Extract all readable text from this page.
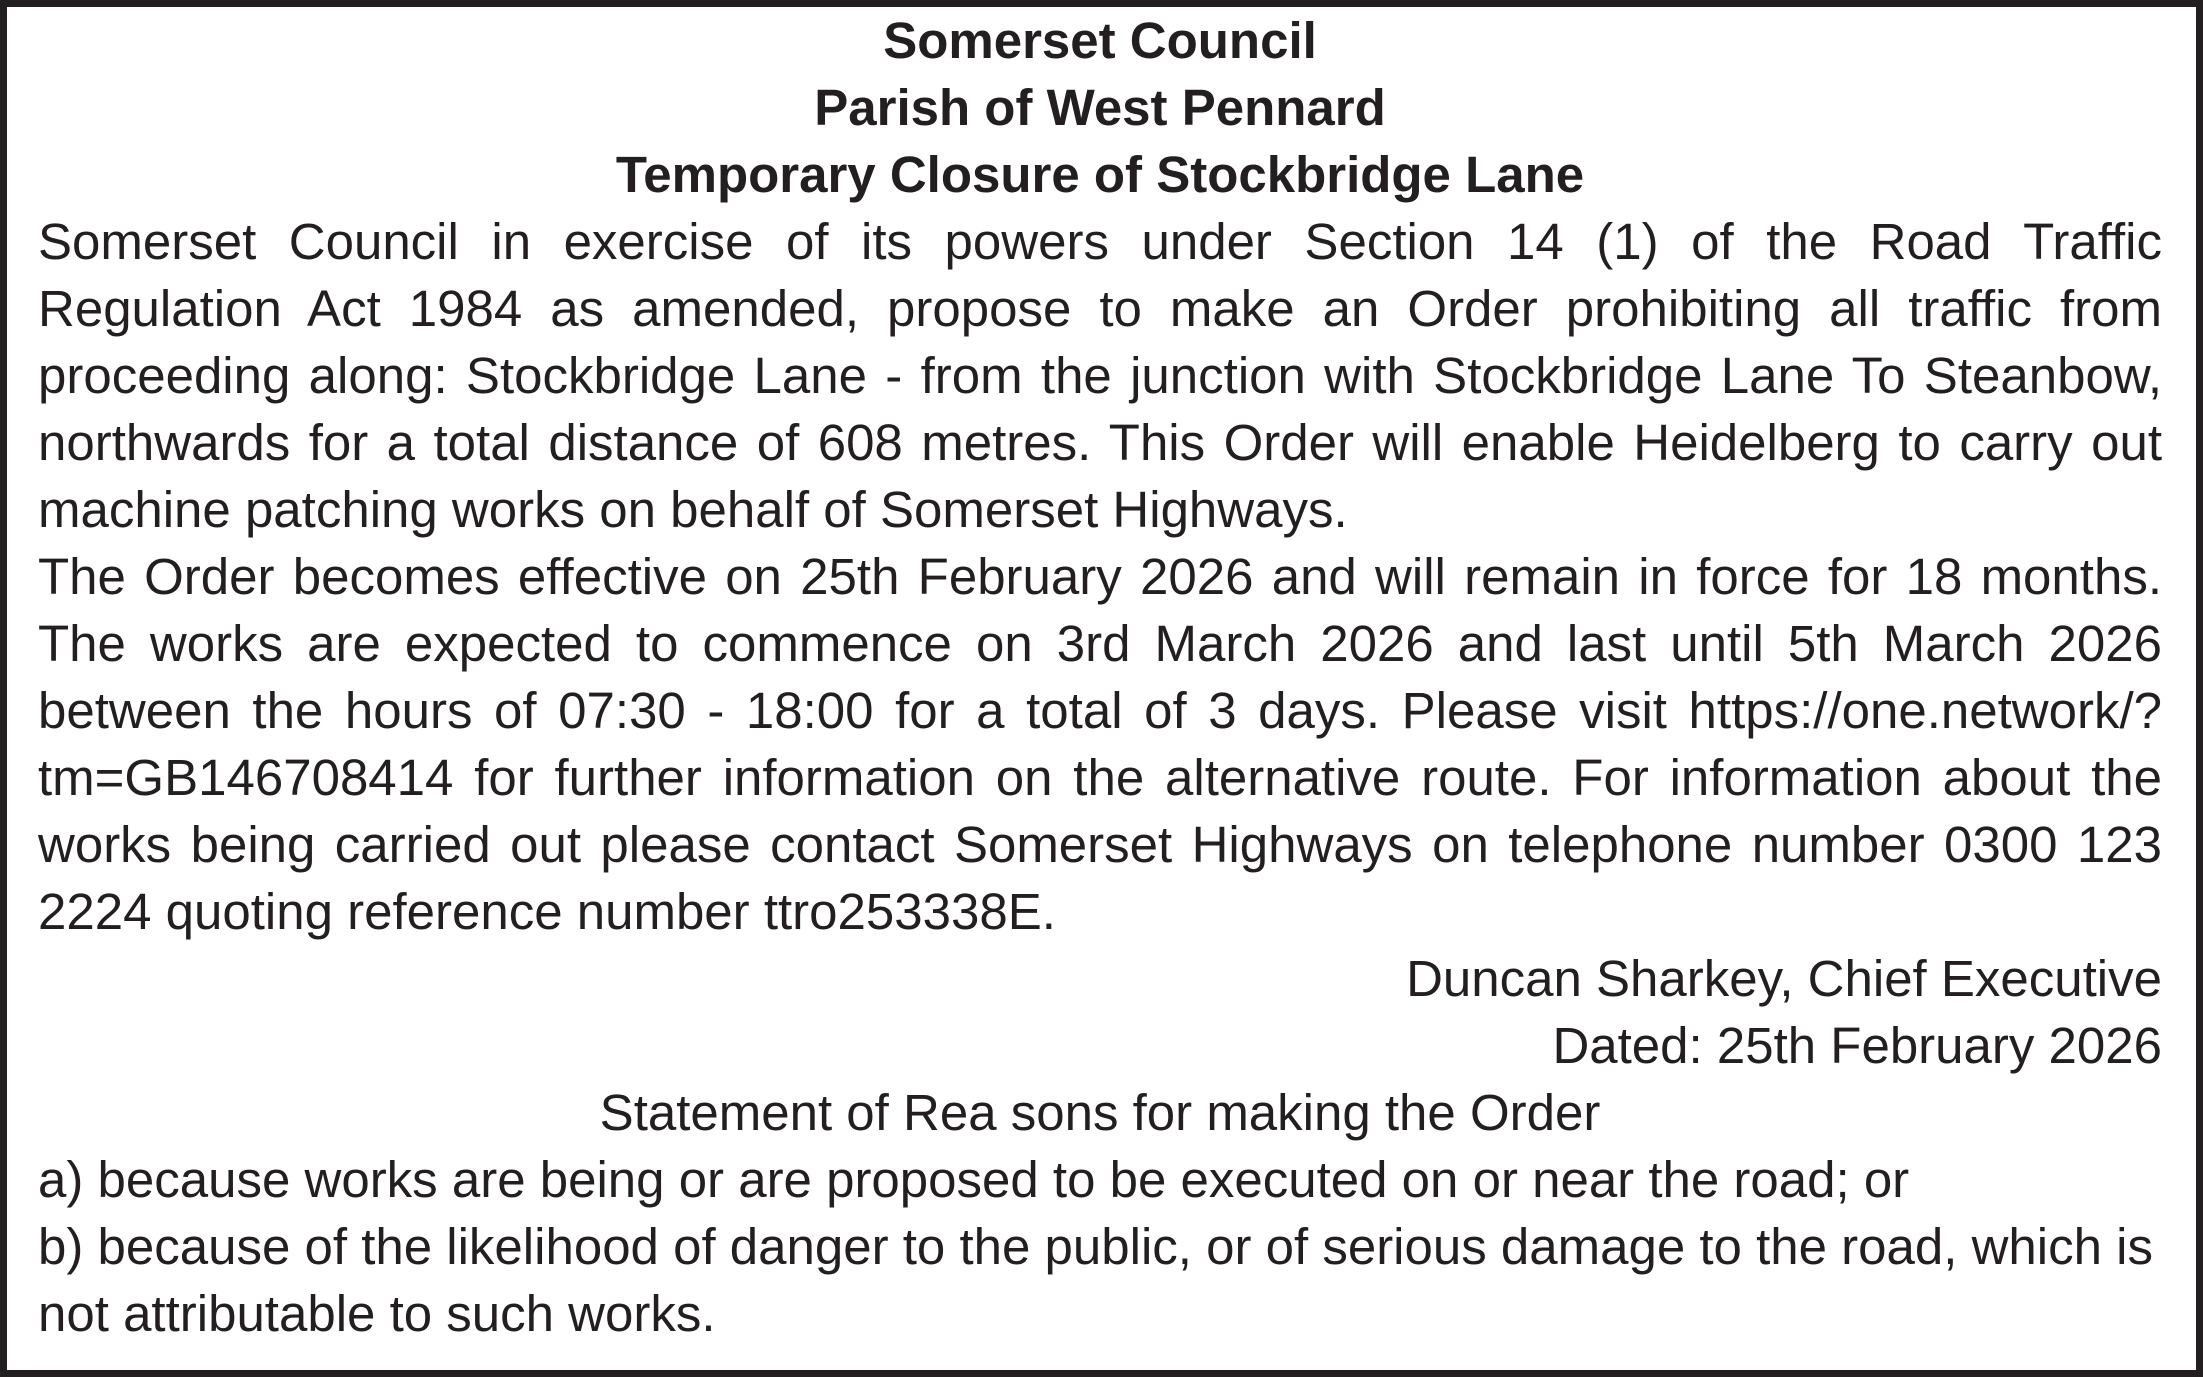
Somerset Council

Parish of West Pennard

Temporary Closure of Stockbridge Lane

Somerset Council in exercise of its powers under Section 14 (1) of the Road Traffic Regulation Act 1984 as amended, propose to make an Order prohibiting all traffic from proceeding along: Stockbridge Lane - from the junction with Stockbridge Lane To Steanbow, northwards for a total distance of 608 metres. This Order will enable Heidelberg to carry out machine patching works on behalf of Somerset Highways.

The Order becomes effective on 25th February 2026 and will remain in force for 18 months. The works are expected to commence on 3rd March 2026 and last until 5th March 2026 between the hours of 07:30 - 18:00 for a total of 3 days. Please visit https://one.network/?tm=GB146708414 for further information on the alternative route. For information about the works being carried out please contact Somerset Highways on telephone number 0300 123 2224 quoting reference number ttro253338E.

Duncan Sharkey, Chief Executive

Dated: 25th February 2026

Statement of Rea sons for making the Order

a) because works are being or are proposed to be executed on or near the road; or

b) because of the likelihood of danger to the public, or of serious damage to the road, which is not attributable to such works.
